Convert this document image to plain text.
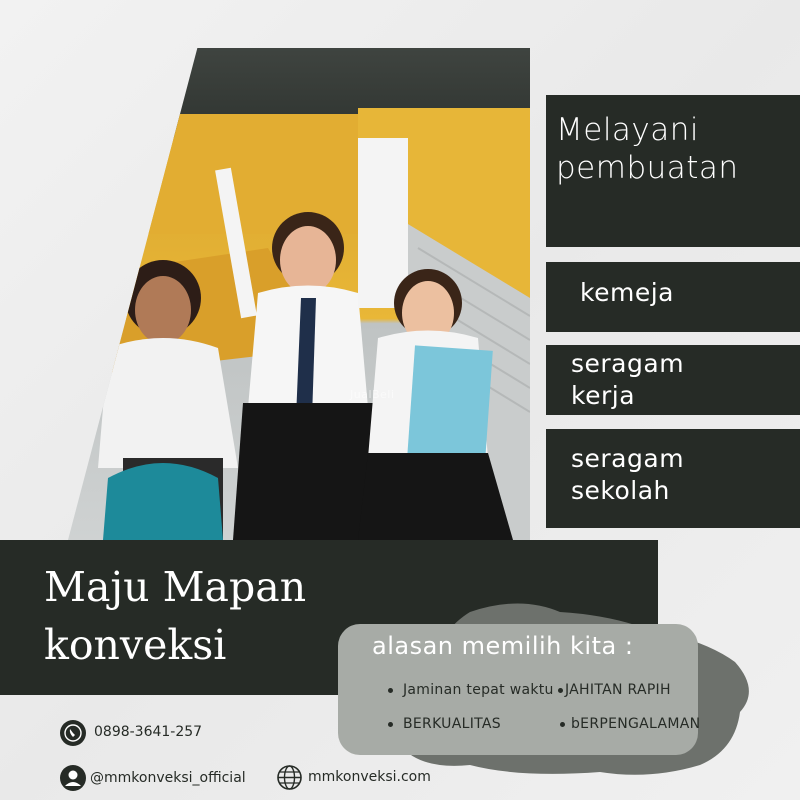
JualBeli
Melayani pembuatan
kemeja
seragam kerja
seragam sekolah
Maju Mapan
konveksi	alasan memilih kita :
Jaminan tepat waktu JAHITAN RAPIH
BERKUALITAS	bERPENGALAMAN
0898-3641-257
@mmkonveksi_official	mmkonveksi.com
